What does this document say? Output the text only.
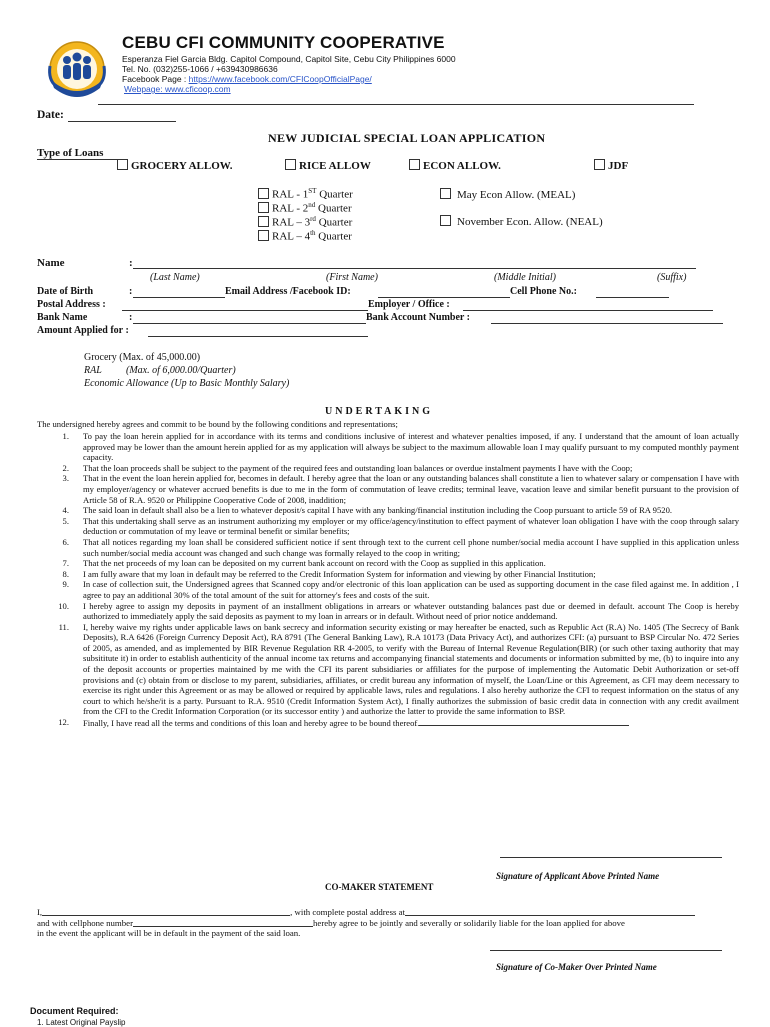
CEBU CFI COMMUNITY COOPERATIVE
Esperanza Fiel Garcia Bldg. Capitol Compound, Capitol Site, Cebu City Philippines 6000
Tel. No. (032)255-1066 / +639430986636
Facebook Page : https://www.facebook.com/CFICoopOfficialPage/
Webpage: www.cficoop.com
Date:
NEW JUDICIAL SPECIAL LOAN APPLICATION
Type of Loans
GROCERY ALLOW.	RICE ALLOW	ECON ALLOW.	JDF
RAL - 1ST Quarter
RAL - 2nd Quarter
RAL – 3rd Quarter
RAL – 4th Quarter
May Econ Allow. (MEAL)
November Econ. Allow. (NEAL)
Name	:
(Last Name)	(First Name)	(Middle Initial)	(Suffix)
Date of Birth	:	Email Address /Facebook ID:	Cell Phone No.:
Postal Address :	Employer / Office :
Bank Name	:	Bank Account Number :
Amount Applied for :
Grocery (Max. of 45,000.00)
RAL (Max. of 6,000.00/Quarter)
Economic Allowance (Up to Basic Monthly Salary)
UNDERTAKING
The undersigned hereby agrees and commit to be bound by the following conditions and representations;
1. To pay the loan herein applied for in accordance with its terms and conditions inclusive of interest and whatever penalties imposed, if any. I understand that the amount of loan actually approved may be lower than the amount herein applied for as my application will always be subject to the maximum allowable loan I may qualify pursuant to my computed monthly payment capacity.
2. That the loan proceeds shall be subject to the payment of the required fees and outstanding loan balances or overdue instalment payments I have with the Coop;
3. That in the event the loan herein applied for, becomes in default. I hereby agree that the loan or any outstanding balances shall constitute a lien to whatever salary or compensation I have with my employer/agency or whatever accrued benefits is due to me in the form of commutation of leave credits; terminal leave, vacation leave and similar benefit pursuant to the provision of Article 58 of R.A. 9520 or Philippine Cooperative Code of 2008, inaddition;
4. The said loan in default shall also be a lien to whatever deposit/s capital I have with any banking/financial institution including the Coop pursuant to article 59 of RA 9520.
5. That this undertaking shall serve as an instrument authorizing my employer or my office/agency/institution to effect payment of whatever loan obligation I have with the coop through salary deduction or commutation of my leave or terminal benefit or similar benefits;
6. That all notices regarding my loan shall be considered sufficient notice if sent through text to the current cell phone number/social media account I have supplied in this application unless such number/social media account was changed and such change was formally relayed to the coop in writing;
7. That the net proceeds of my loan can be deposited on my current bank account on record with the Coop as supplied in this application.
8. I am fully aware that my loan in default may be referred to the Credit Information System for information and viewing by other Financial Institution;
9. In case of collection suit, the Undersigned agrees that Scanned copy and/or electronic of this loan application can be used as supporting document in the case filed against me. In addition , I agree to pay an additional 30% of the total amount of the suit for attorney's fees and costs of the suit.
10. I hereby agree to assign my deposits in payment of an installment obligations in arrears or whatever outstanding balances past due or deemed in default. account The Coop is hereby authorized to immediately apply the said deposits as payment to my loan in arrears or in default. Without need of prior notice anddemand.
11. I, hereby waive my rights under applicable laws on bank secrecy and information security existing or may hereafter be enacted, such as Republic Act (R.A) No. 1405 (The Secrecy of Bank Deposits), R.A 6426 (Foreign Currency Deposit Act), RA 8791 (The General Banking Law), R.A 10173 (Data Privacy Act), and authorizes CFI: (a) pursuant to BSP Circular No. 472 Series of 2005, as amended, and as implemented by BIR Revenue Regulation RR 4-2005, to verify with the Bureau of Internal Revenue Regulation(BIR) (or such other taxing authority that may subsititute it) in order to establish authenticity of the annual income tax returns and accompanying financial statements and documents or information submitted by me, (b) to inquire into any of the deposit accounts or properties maintained by me with the CFI its parent subsidiaries or affiliates for the purpose of implementing the Automatic Debit Authorization or set-off provisions and (c) obtain from or disclose to my parent, subsidiaries, affiliates, or credit bureau any information of myself, the Loan/Line or this Agreement, as CFI may deem necessary to exercise its right under this Agreement or as may be allowed or required by applicable laws, rules and regulations. I also hereby authorize the CFI to request information on the status of any court to which he/she/it is a party. Pursuant to R.A. 9510 (Credit Information System Act), I finally authorizes the submission of basic credit data in connection with any credit availment from the CFI to the Credit Information Corporation (or its successor entity ) and authorize the latter to provide the same information to BSP.
12. Finally, I have read all the terms and conditions of this loan and hereby agree to be bound thereof.
Signature of Applicant Above Printed Name
CO-MAKER STATEMENT
I,	, with complete postal address at
and with cellphone number	hereby agree to be jointly and severally or solidarily liable for the loan applied for above
in the event the applicant will be in default in the payment of the said loan.
Signature of Co-Maker Over Printed Name
Document Required:
1. Latest Original Payslip
